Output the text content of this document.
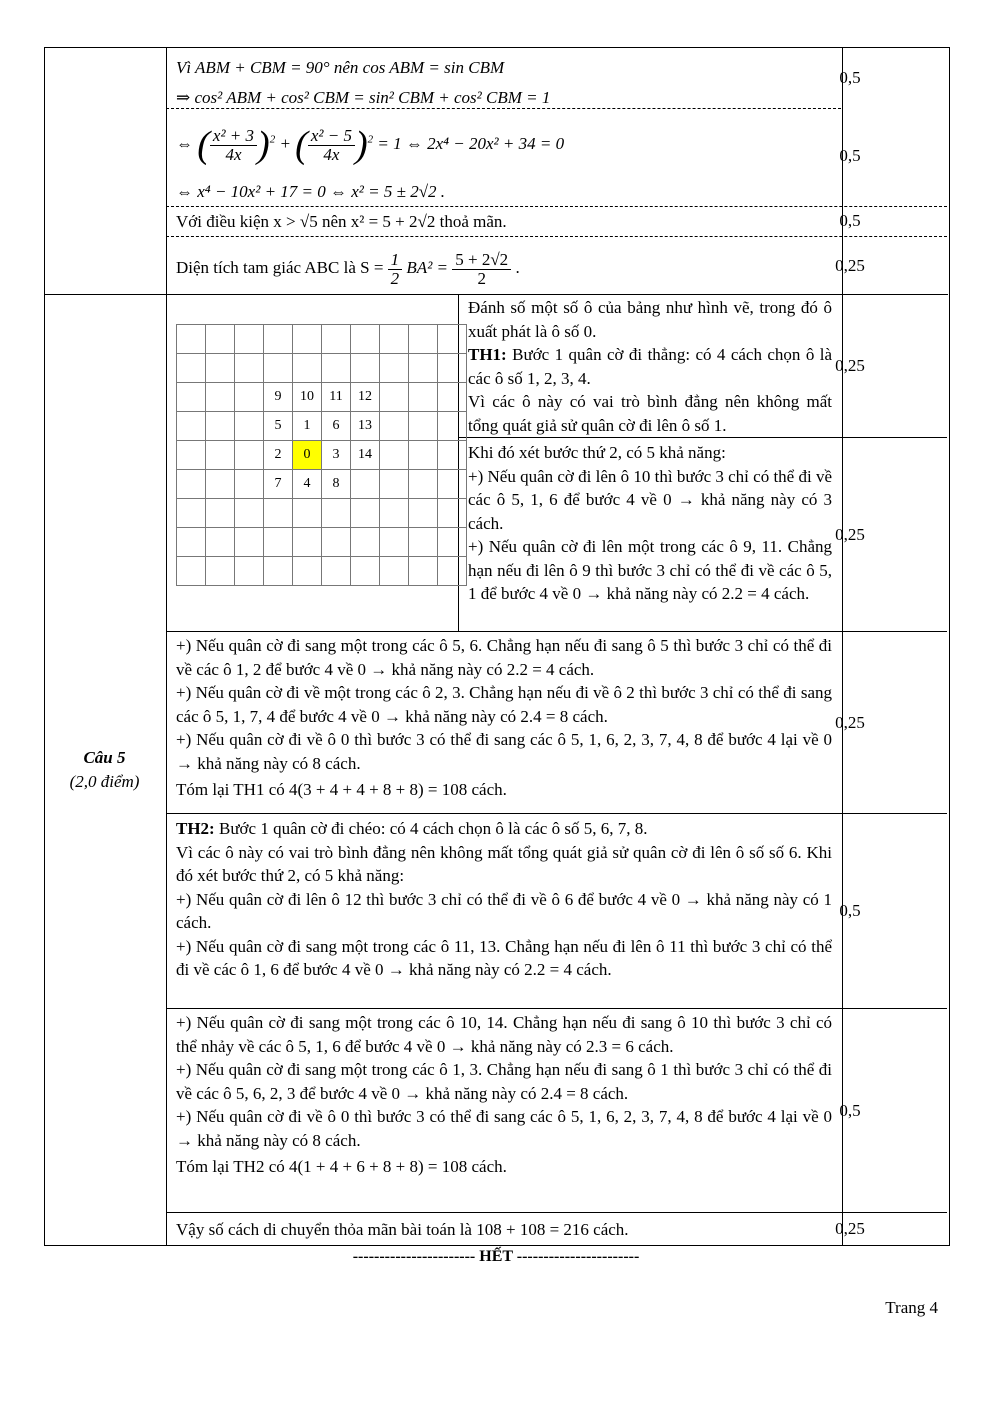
Vì ABM + CBM = 90° nên cos ABM = sin CBM
⇒ cos² ABM + cos² CBM = sin² CBM + cos² CBM = 1
0,5
⇔ ( $\frac{\text{x² + 3}}{4x} )^2$ + ( $\frac{\text{x² − 5}}{4x} )^2 = 1$ ⇔ 2x⁴ − 20x² + 34 = 0
⇔ x⁴ − 10x² + 17 = 0 ⇔ x² = 5 ± 2√2 .
0,5
Với điều kiện x > √5 nên x² = 5 + 2√2 thoả mãn.	0,5
Diện tích tam giác ABC là $S = \frac{1}{2} BA^2 = \frac{5 + 2√2}{2}$ .	0,25
Câu 5
(2,0 điểm)

			9	10	11	12			
			5	1	6	13			
			2	0	3	14			
			7	4	8				

Đánh số một số ô của bảng như hình vẽ, trong đó ô xuất phát là ô số 0.

TH1: Bước 1 quân cờ đi thẳng: có 4 cách chọn ô là các ô số 1, 2, 3, 4.

Vì các ô này có vai trò bình đẳng nên không mất tổng quát giả sử quân cờ đi lên ô số 1.

0,25

Khi đó xét bước thứ 2, có 5 khả năng:

+) Nếu quân cờ đi lên ô 10 thì bước 3 chỉ có thể đi về các ô 5, 1, 6 để bước 4 về 0 → khả năng này có 3 cách.

+) Nếu quân cờ đi lên một trong các ô 9, 11. Chẳng hạn nếu đi lên ô 9 thì bước 3 chỉ có thể đi về các ô 5, 1 để bước 4 về 0 → khả năng này có 2.2 = 4 cách.

0,25

+) Nếu quân cờ đi sang một trong các ô 5, 6. Chẳng hạn nếu đi sang ô 5 thì bước 3 chỉ có thể đi về các ô 1, 2 để bước 4 về 0 → khả năng này có 2.2 = 4 cách.

+) Nếu quân cờ đi về một trong các ô 2, 3. Chẳng hạn nếu đi về ô 2 thì bước 3 chỉ có thể đi sang các ô 5, 1, 7, 4 để bước 4 về 0 → khả năng này có 2.4 = 8 cách.

+) Nếu quân cờ đi về ô 0 thì bước 3 có thể đi sang các ô 5, 1, 6, 2, 3, 7, 4, 8 để bước 4 lại về 0 → khả năng này có 8 cách.

Tóm lại TH1 có 4(3 + 4 + 4 + 8 + 8) = 108 cách.

0,25

TH2: Bước 1 quân cờ đi chéo: có 4 cách chọn ô là các ô số 5, 6, 7, 8.

Vì các ô này có vai trò bình đẳng nên không mất tổng quát giả sử quân cờ đi lên ô số số 6. Khi đó xét bước thứ 2, có 5 khả năng:

+) Nếu quân cờ đi lên ô 12 thì bước 3 chỉ có thể đi về ô 6 để bước 4 về 0 → khả năng này có 1 cách.

+) Nếu quân cờ đi sang một trong các ô 11, 13. Chẳng hạn nếu đi lên ô 11 thì bước 3 chỉ có thể đi về các ô 1, 6 để bước 4 về 0 → khả năng này có 2.2 = 4 cách.

0,5

+) Nếu quân cờ đi sang một trong các ô 10, 14. Chẳng hạn nếu đi sang ô 10 thì bước 3 chỉ có thể nhảy về các ô 5, 1, 6 để bước 4 về 0 → khả năng này có 2.3 = 6 cách.

+) Nếu quân cờ đi sang một trong các ô 1, 3. Chẳng hạn nếu đi sang ô 1 thì bước 3 chỉ có thể đi về các ô 5, 6, 2, 3 để bước 4 về 0 → khả năng này có 2.4 = 8 cách.

+) Nếu quân cờ đi về ô 0 thì bước 3 có thể đi sang các ô 5, 1, 6, 2, 3, 7, 4, 8 để bước 4 lại về 0 → khả năng này có 8 cách.

Tóm lại TH2 có 4(1 + 4 + 6 + 8 + 8) = 108 cách.

0,5
Vậy số cách di chuyển thỏa mãn bài toán là 108 + 108 = 216 cách.	0,25
----------------------- HẾT -----------------------
Trang 4
